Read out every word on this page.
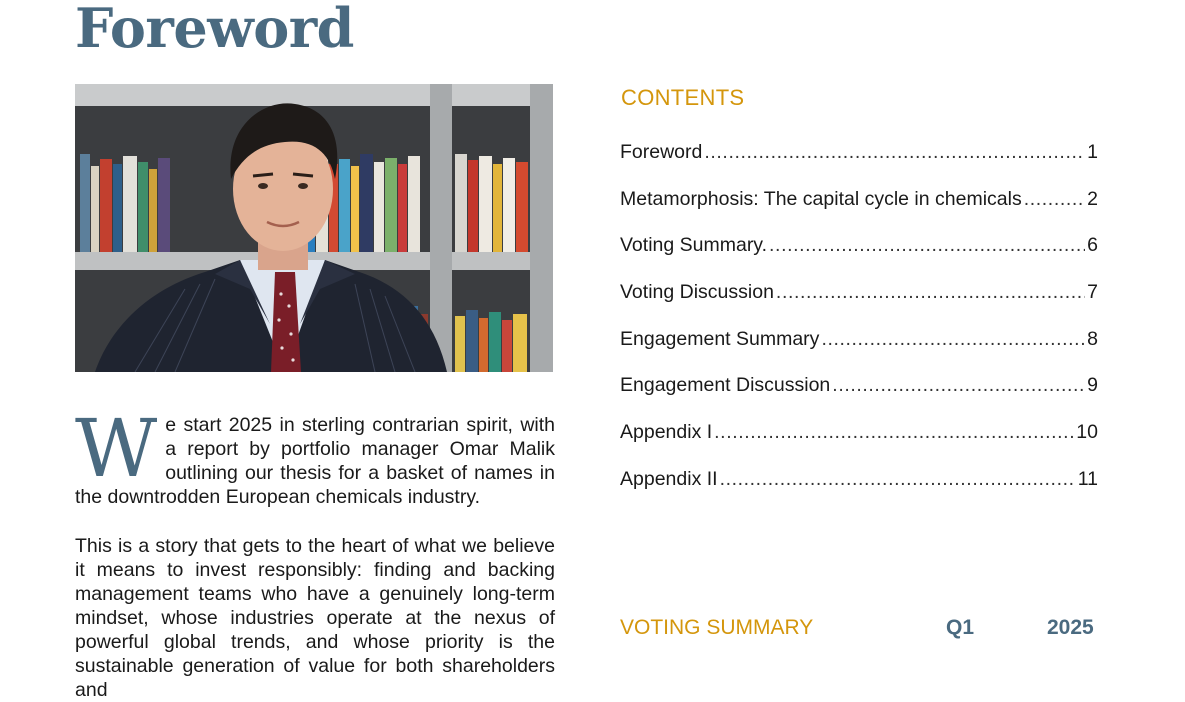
Foreword
W e start 2025 in sterling contrarian spirit, with a report by portfolio manager Omar Malik outlining our thesis for a basket of names in the downtrodden European chemicals industry.
This is a story that gets to the heart of what we believe it means to invest responsibly: finding and backing management teams who have a genuinely long-term mindset, whose industries operate at the nexus of powerful global trends, and whose priority is the sustainable generation of value for both shareholders and
CONTENTS
Foreword .....	1
Metamorphosis: The capital cycle in chemicals .....	2
Voting Summary. .....	6
Voting Discussion .....	7
Engagement Summary .....	8
Engagement Discussion .....	9
Appendix I .....	10
Appendix II .....	11
VOTING SUMMARY	Q1	2025
